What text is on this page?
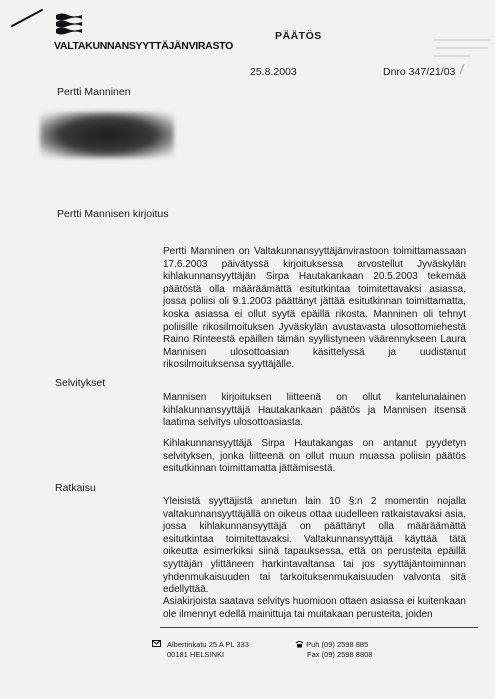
VALTAKUNNANSYYTTÄJÄNVIRASTO
PÄÄTÖS
25.8.2003	Dnro 347/21/03
Pertti Manninen
Pertti Mannisen kirjoitus

Pertti Manninen on Valtakunnansyyttäjänvirastoon toimittamassaan 17.6.2003 päivätyssä kirjoituksessa arvostellut Jyväskylän kihlakunnansyyttäjän Sirpa Hautakankaan 20.5.2003 tekemää päätöstä olla määräämättä esitutkintaa toimitettavaksi asiassa, jossa poliisi oli 9.1.2003 päättänyt jättää esitutkinnan toimittamatta, koska asiassa ei ollut syytä epäillä rikosta. Manninen oli tehnyt poliisille rikosilmoituksen Jyväskylän avustavasta ulosottomiehestä Raino Rinteestä epäillen tämän syyllistyneen väärennykseen Laura Mannisen ulosottoasian käsittelyssä ja uudistanut rikosilmoituksensa syyttäjälle.

Selvitykset

Mannisen kirjoituksen liitteenä on ollut kantelunalainen kihlakunnansyyttäjä Hautakankaan päätös ja Mannisen itsensä laatima selvitys ulosottoasiasta.

Kihlakunnansyyttäjä Sirpa Hautakangas on antanut pyydetyn selvityksen, jonka liitteenä on ollut muun muassa poliisin päätös esitutkinnan toimittamatta jättämisestä.

Ratkaisu

Yleisistä syyttäjistä annetun lain 10 §:n 2 momentin nojalla valtakunnansyyttäjällä on oikeus ottaa uudelleen ratkaistavaksi asia, jossa kihlakunnansyyttäjä on päättänyt olla määräämättä esitutkintaa toimitettavaksi. Valtakunnansyyttäjä käyttää tätä oikeutta esimerkiksi siinä tapauksessa, että on perusteita epäillä syyttäjän ylittäneen harkintavaltansa tai jos syyttäjäntoiminnan yhdenmukaisuuden tai tarkoituksenmukaisuuden valvonta sitä edellyttää.

Asiakirjoista saatava selvitys huomioon ottaen asiassa ei kuitenkaan ole ilmennyt edellä mainittuja tai muitakaan perusteita, joiden

Albertinkatu 25 A PL 333
00181 HELSINKI
Puh (09) 2598 885
Fax (09) 2598 8808
